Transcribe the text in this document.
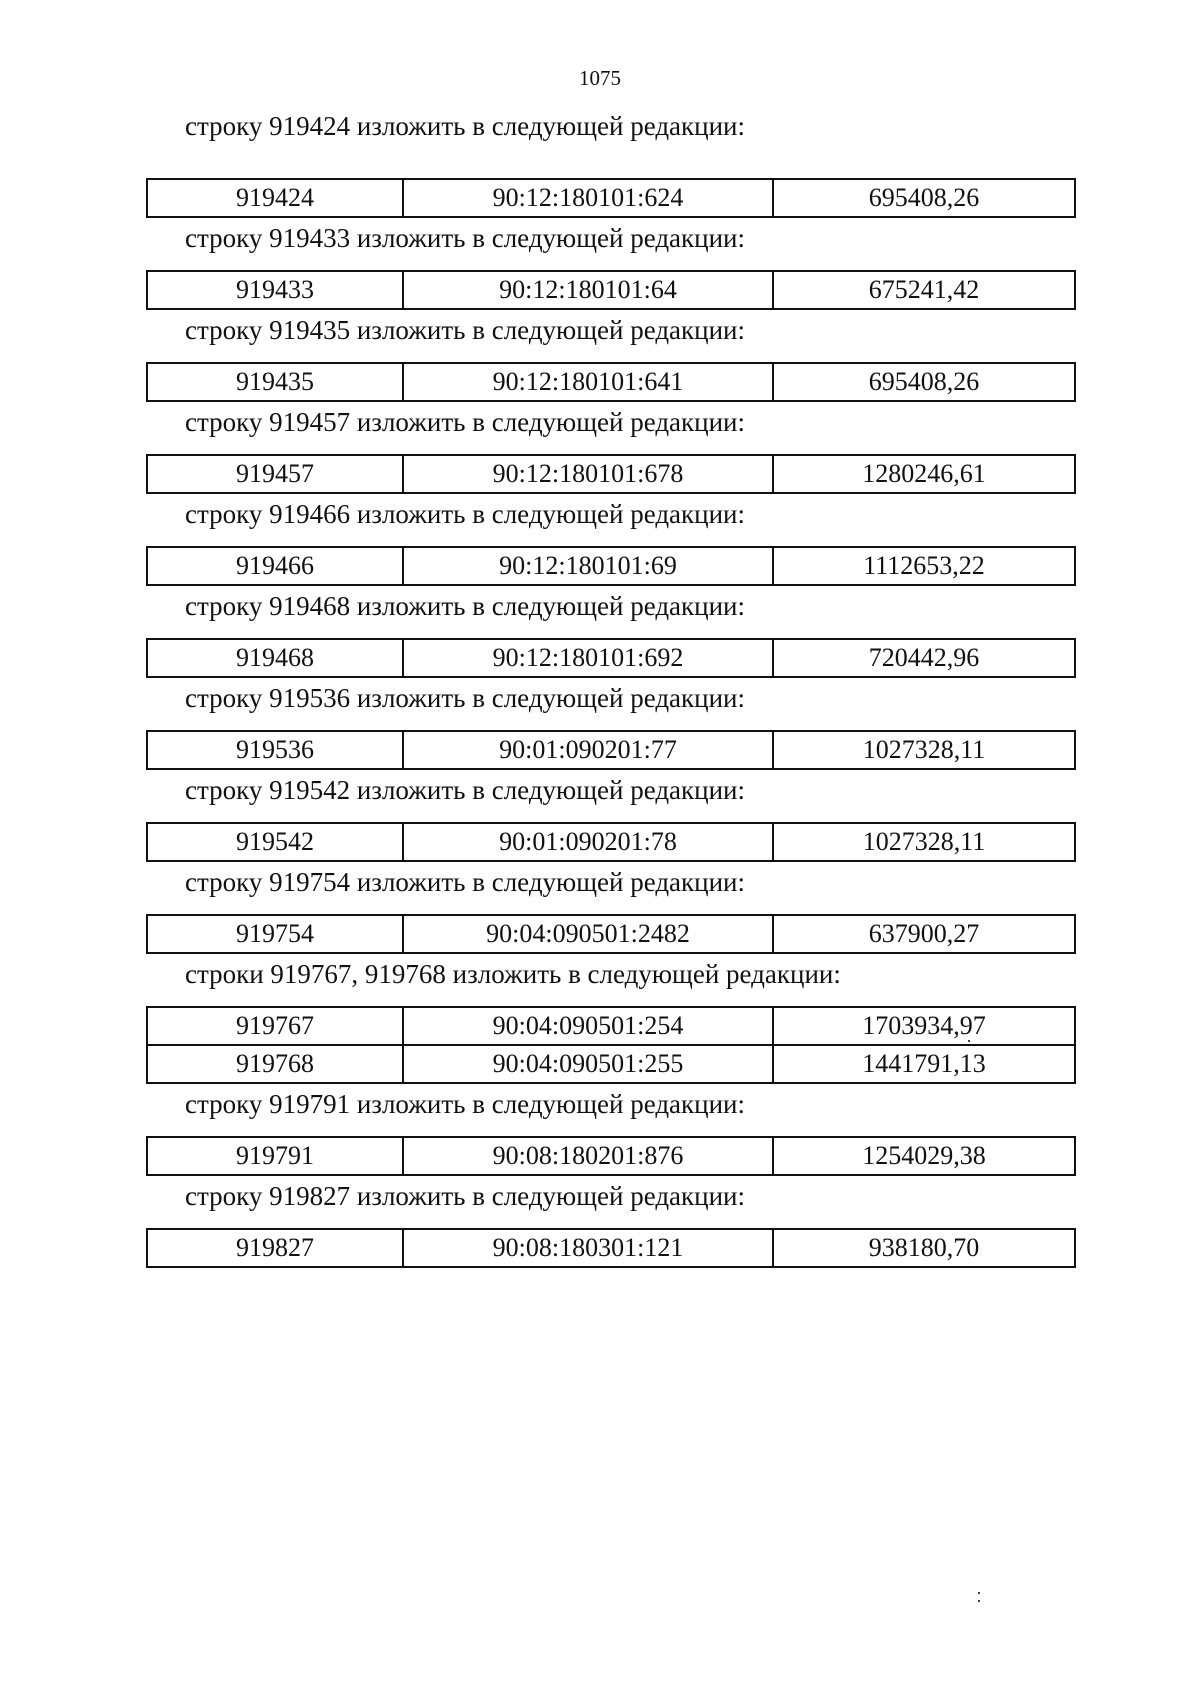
1075

строку 919424 изложить в следующей редакции:

919424	90:12:180101:624	695408,26

строку 919433 изложить в следующей редакции:

919433	90:12:180101:64	675241,42

строку 919435 изложить в следующей редакции:

919435	90:12:180101:641	695408,26

строку 919457 изложить в следующей редакции:

919457	90:12:180101:678	1280246,61

строку 919466 изложить в следующей редакции:

919466	90:12:180101:69	1112653,22

строку 919468 изложить в следующей редакции:

919468	90:12:180101:692	720442,96

строку 919536 изложить в следующей редакции:

919536	90:01:090201:77	1027328,11

строку 919542 изложить в следующей редакции:

919542	90:01:090201:78	1027328,11

строку 919754 изложить в следующей редакции:

919754	90:04:090501:2482	637900,27

строки 919767, 919768 изложить в следующей редакции:

919767	90:04:090501:254	1703934,97
919768	90:04:090501:255	1441791,13

строку 919791 изложить в следующей редакции:

919791	90:08:180201:876	1254029,38

строку 919827 изложить в следующей редакции:

919827	90:08:180301:121	938180,70
